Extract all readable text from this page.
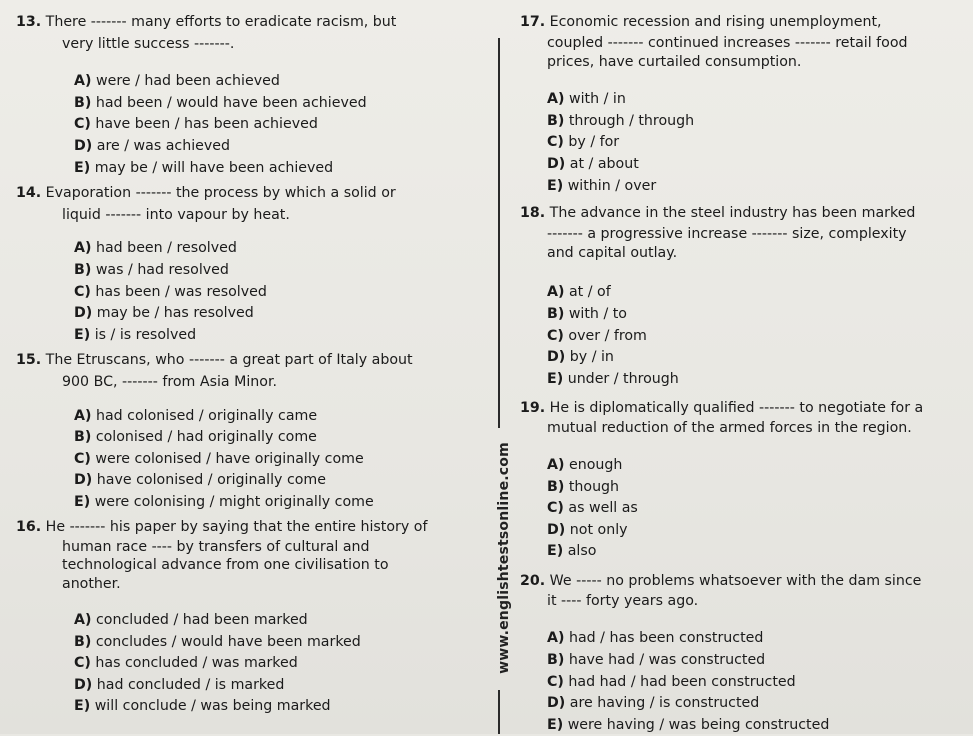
13. There ------- many efforts to eradicate racism, but
very little success -------.
A) were / had been achieved
B) had been / would have been achieved
C) have been / has been achieved
D) are / was achieved
E) may be / will have been achieved
14. Evaporation ------- the process by which a solid or
liquid ------- into vapour by heat.
A) had been / resolved
B) was / had resolved
C) has been / was resolved
D) may be / has resolved
E) is / is resolved
15. The Etruscans, who ------- a great part of Italy about
900 BC, ------- from Asia Minor.
A) had colonised / originally came
B) colonised / had originally come
C) were colonised / have originally come
D) have colonised / originally come
E) were colonising / might originally come
16. He ------- his paper by saying that the entire history of
human race ---- by transfers of cultural and
technological advance from one civilisation to
another.
A) concluded / had been marked
B) concludes / would have been marked
C) has concluded / was marked
D) had concluded / is marked
E) will conclude / was being marked
www.englishtestsonline.com
17. Economic recession and rising unemployment,
coupled ------- continued increases ------- retail food
prices, have curtailed consumption.
A) with / in
B) through / through
C) by / for
D) at / about
E) within / over
18. The advance in the steel industry has been marked
------- a progressive increase ------- size, complexity
and capital outlay.
A) at / of
B) with / to
C) over / from
D) by / in
E) under / through
19. He is diplomatically qualified ------- to negotiate for a
mutual reduction of the armed forces in the region.
A) enough
B) though
C) as well as
D) not only
E) also
20. We ----- no problems whatsoever with the dam since
it ---- forty years ago.
A) had / has been constructed
B) have had / was constructed
C) had had / had been constructed
D) are having / is constructed
E) were having / was being constructed
